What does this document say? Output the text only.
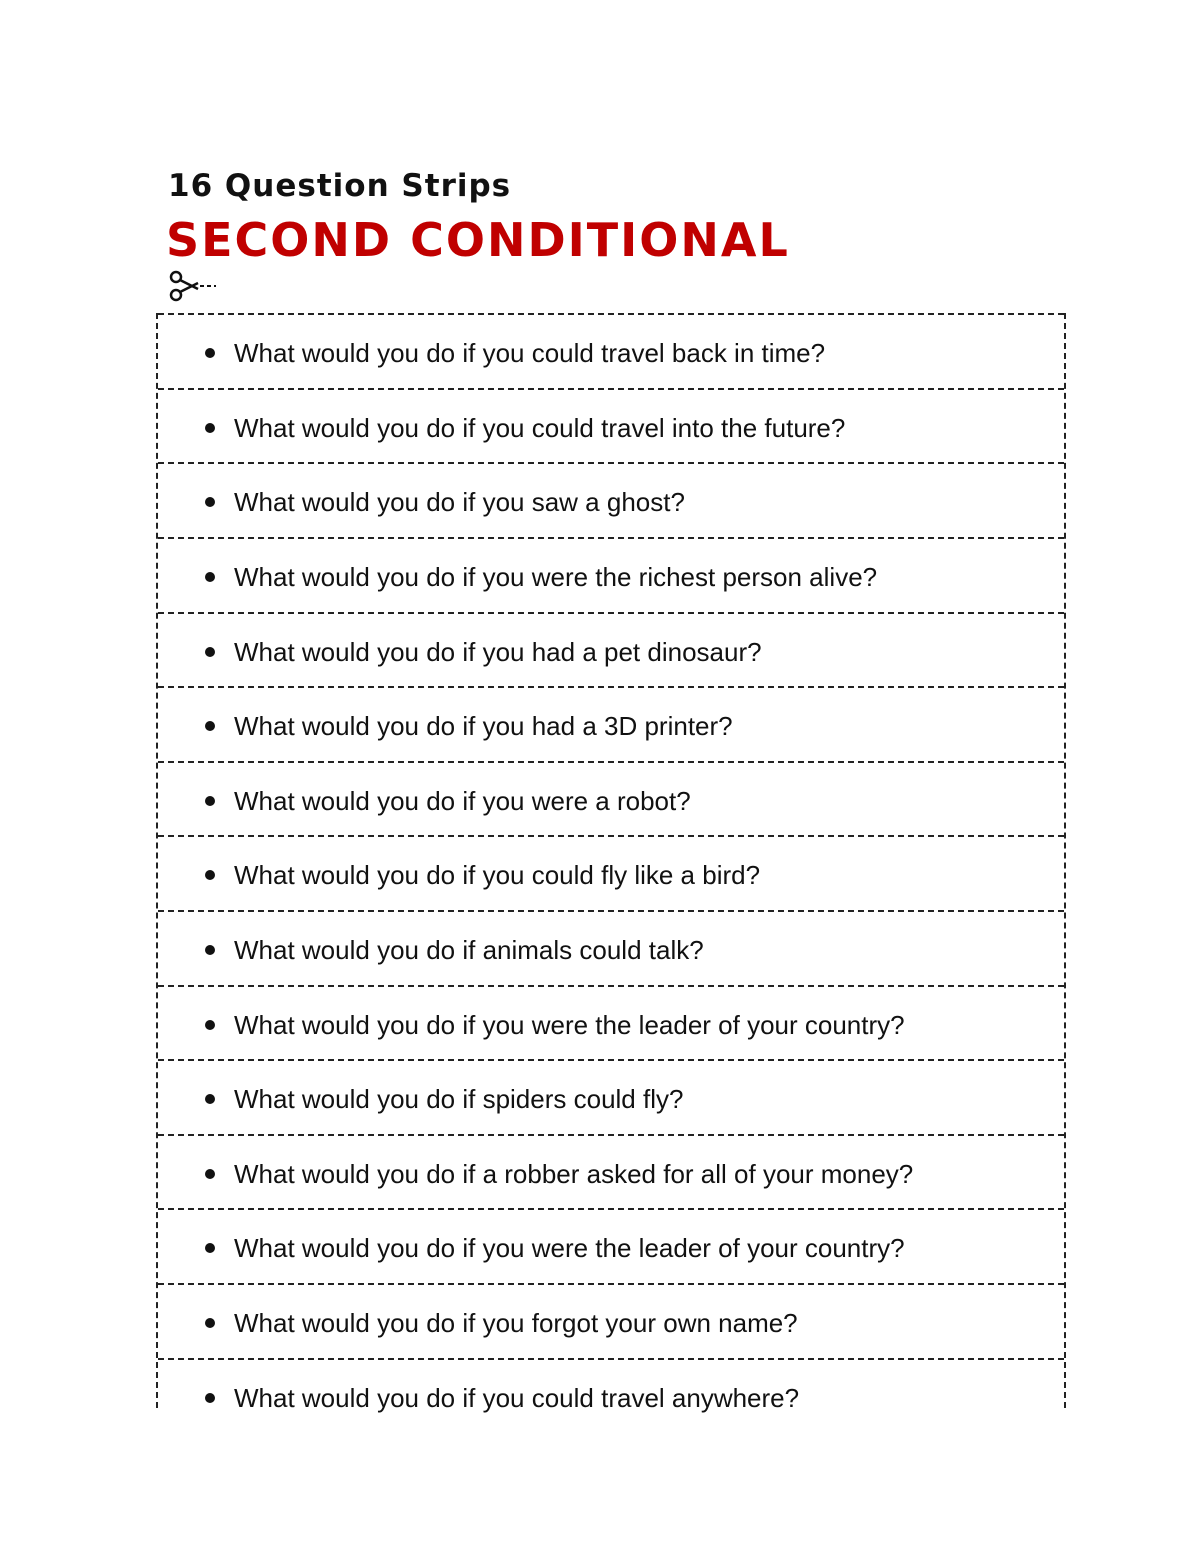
16 Question Strips
SECOND CONDITIONAL
What would you do if you could travel back in time?
What would you do if you could travel into the future?
What would you do if you saw a ghost?
What would you do if you were the richest person alive?
What would you do if you had a pet dinosaur?
What would you do if you had a 3D printer?
What would you do if you were a robot?
What would you do if you could fly like a bird?
What would you do if animals could talk?
What would you do if you were the leader of your country?
What would you do if spiders could fly?
What would you do if a robber asked for all of your money?
What would you do if you were the leader of your country?
What would you do if you forgot your own name?
What would you do if you could travel anywhere?
